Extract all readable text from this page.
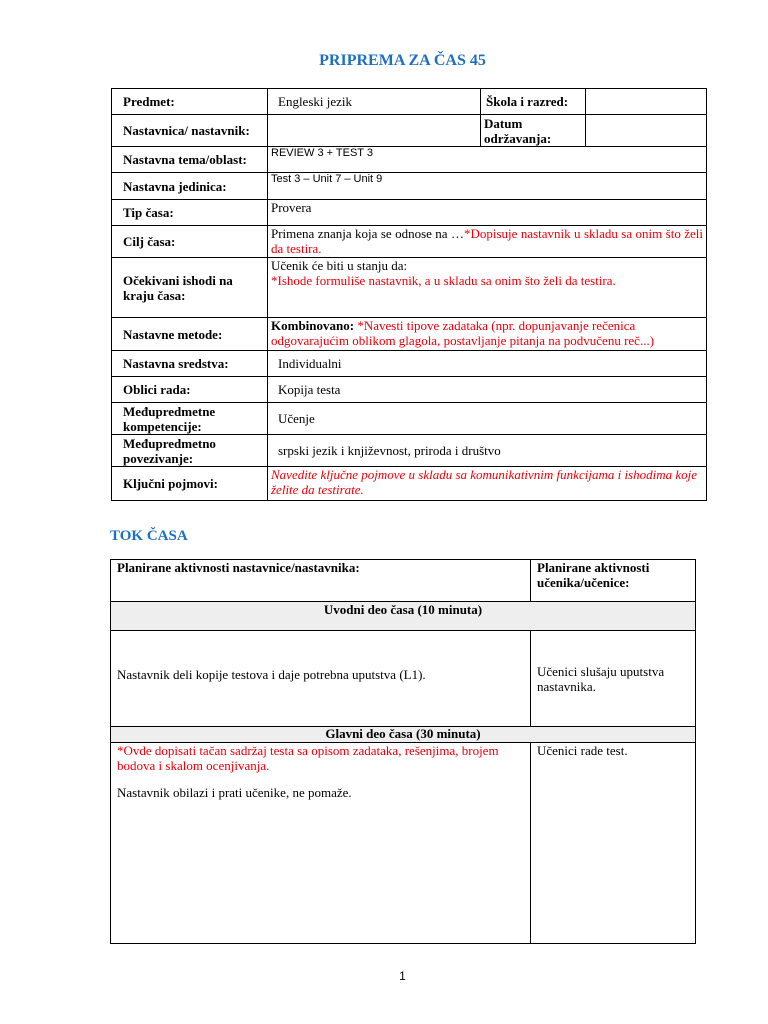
PRIPREMA ZA ČAS 45
Predmet:	Engleski jezik	Škola i razred:	
Nastavnica/ nastavnik:		Datum održavanja:	
Nastavna tema/oblast:	REVIEW 3 + TEST 3		
Nastavna jedinica:	Test 3 – Unit 7 – Unit 9		
Tip časa:	Provera		
Cilj časa:	Primena znanja koja se odnose na …*Dopisuje nastavnik u skladu sa onim što želi da testira.		
Očekivani ishodi na kraju časa:	Učenik će biti u stanju da:

*Ishode formuliše nastavnik, a u skladu sa onim što želi da testira.		

Nastavne metode:	Kombinovano: *Navesti tipove zadataka (npr. dopunjavanje rečenica odgovarajućim oblikom glagola, postavljanje pitanja na podvučenu reč...)		
Nastavna sredstva:	Individualni		
Oblici rada:	Kopija testa		
Međupredmetne kompetencije:	Učenje		
Međupredmetno povezivanje:	srpski jezik i književnost, priroda i društvo		
Ključni pojmovi:	Navedite ključne pojmove u skladu sa komunikativnim funkcijama i ishodima koje želite da testirate.		
TOK ČASA
Planirane aktivnosti nastavnice/nastavnika:	Planirane aktivnosti učenika/učenice:
Uvodni deo časa (10 minuta)	
Nastavnik deli kopije testova i daje potrebna uputstva (L1).	Učenici slušaju uputstva nastavnika.
Glavni deo časa (30 minuta)	

*Ovde dopisati tačan sadržaj testa sa opisom zadataka, rešenjima, brojem bodova i skalom ocenjivanja.

Nastavnik obilazi i prati učenike, ne pomaže.	Učenici rade test.
1
